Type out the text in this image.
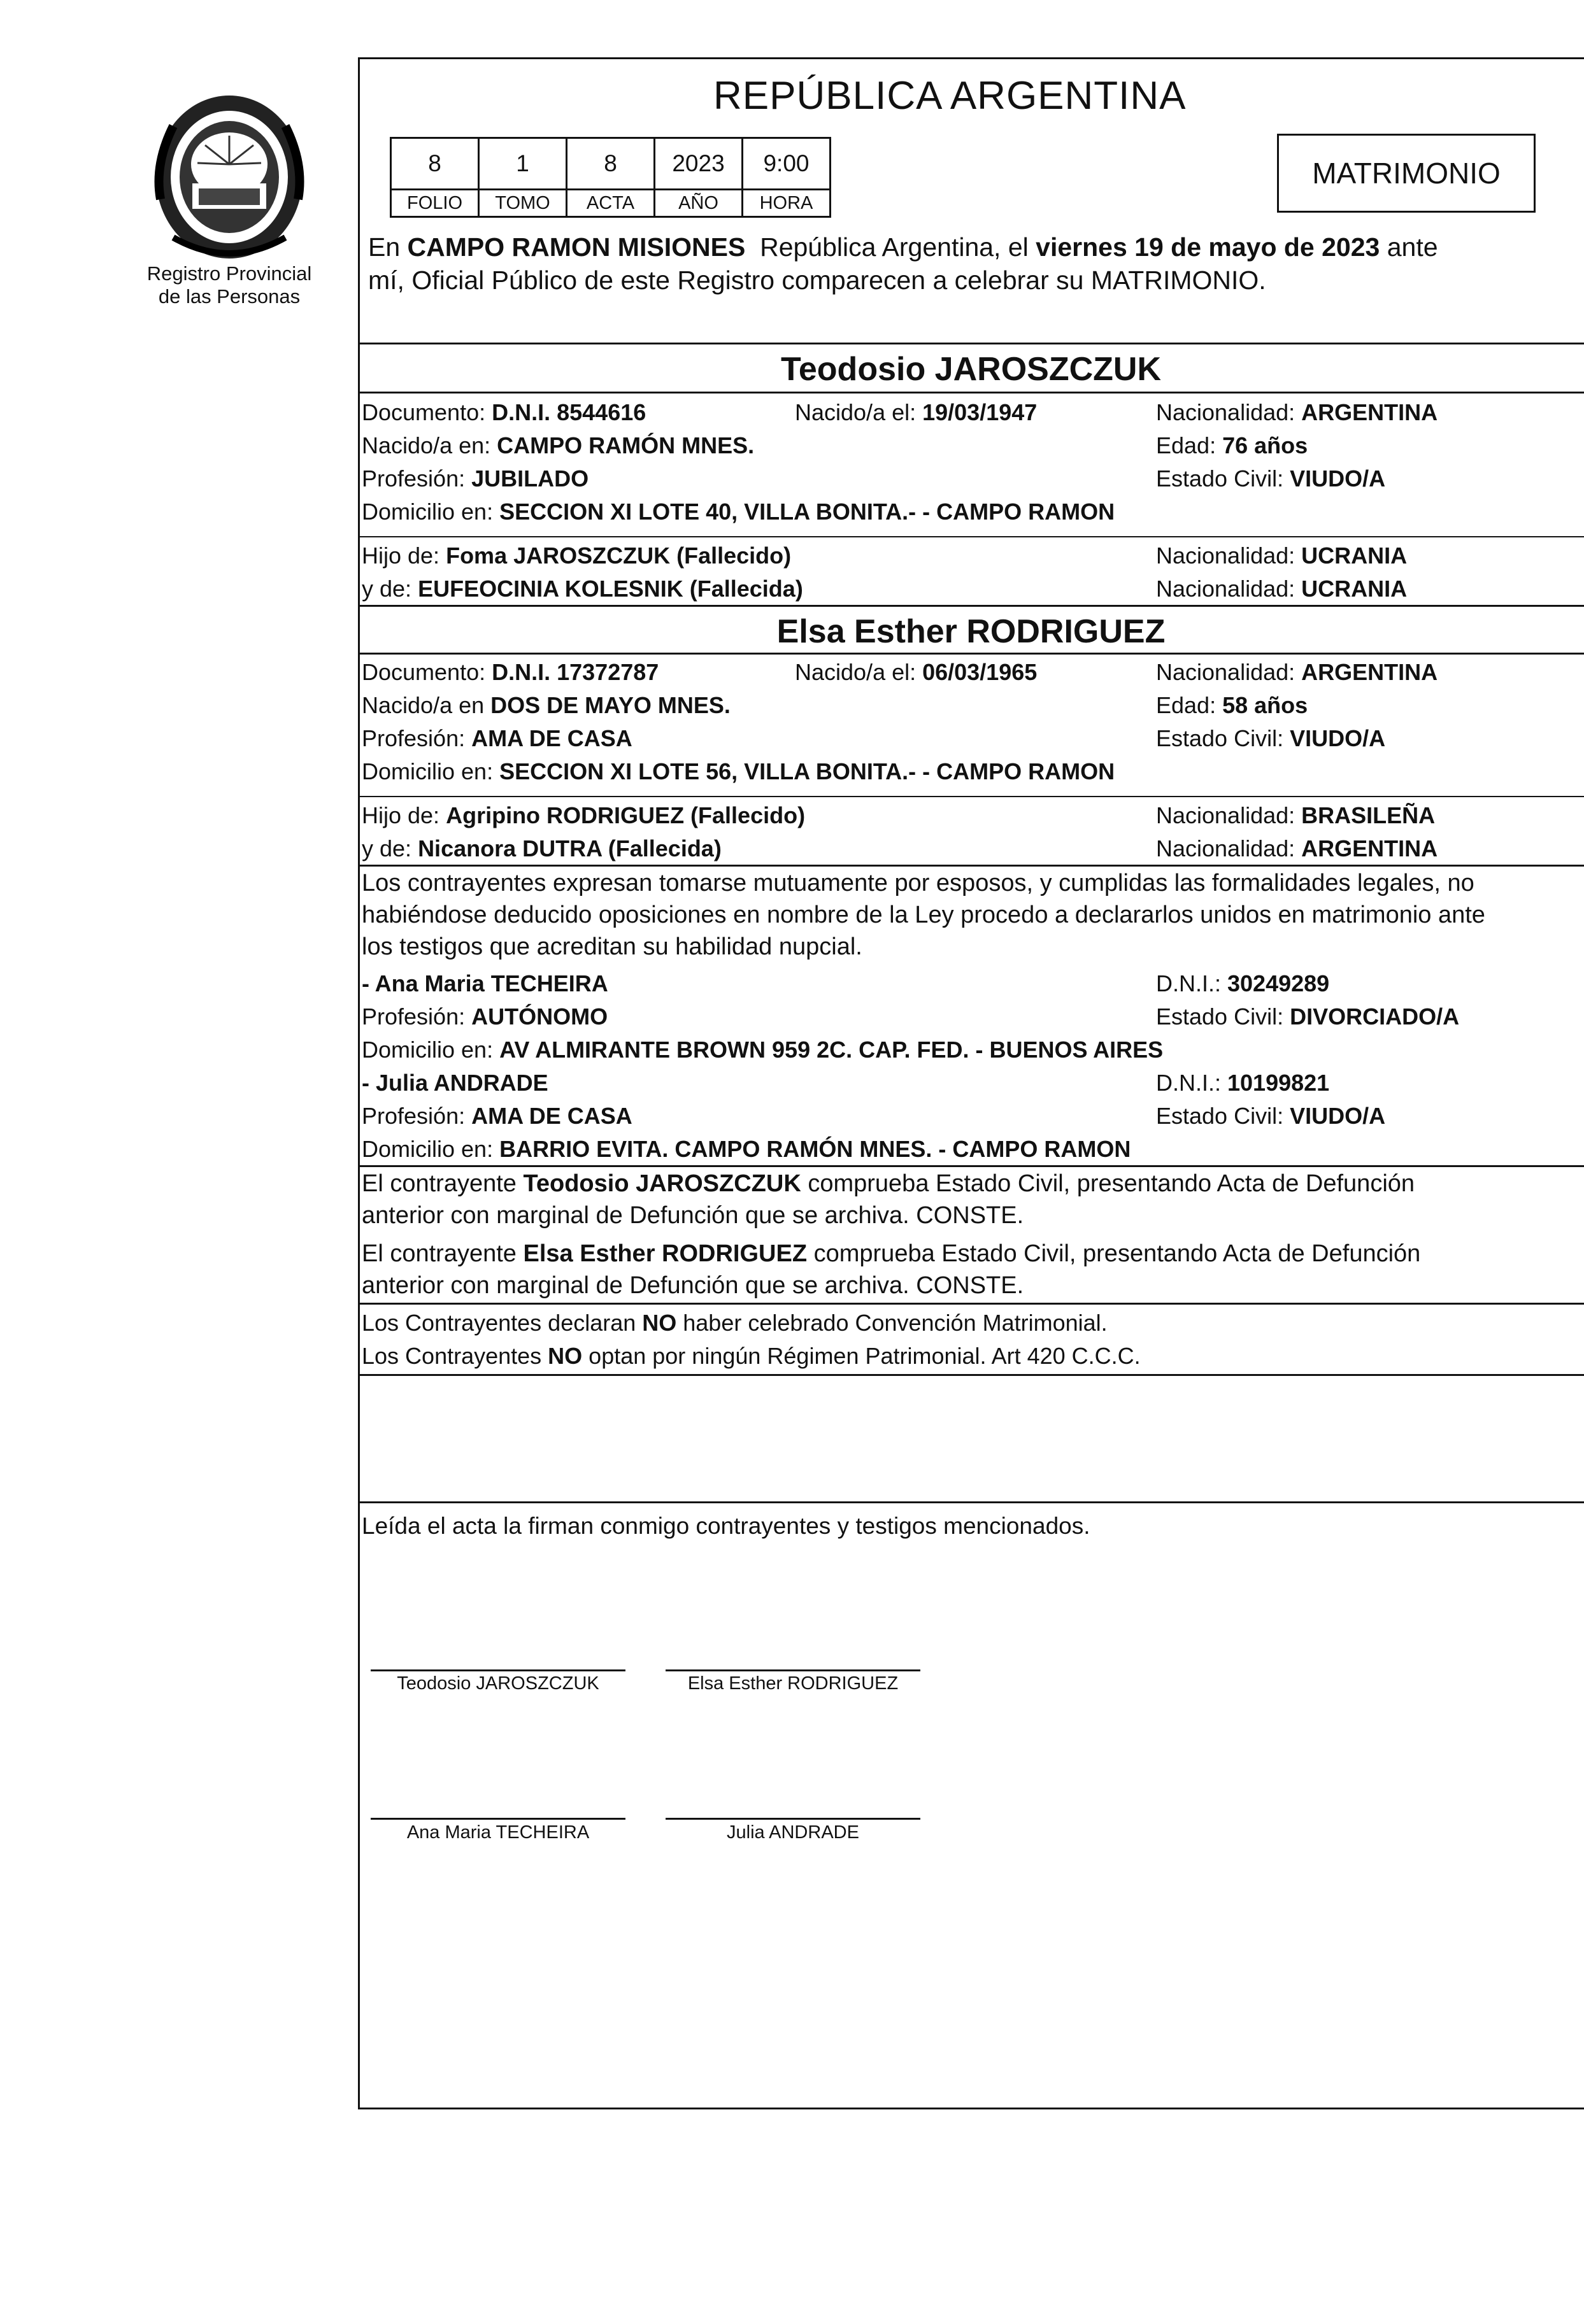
Registro Provincial
de las Personas
REPÚBLICA ARGENTINA
8	1	8	2023	9:00
FOLIO	TOMO	ACTA	AÑO	HORA
MATRIMONIO
En CAMPO RAMON MISIONES  República Argentina, el viernes 19 de mayo de 2023 ante
mí, Oficial Público de este Registro comparecen a celebrar su MATRIMONIO.
Teodosio JAROSZCZUK
Documento: D.N.I. 8544616	Nacido/a el: 19/03/1947	Nacionalidad: ARGENTINA
Nacido/a en: CAMPO RAMÓN MNES.	Edad: 76 años
Profesión: JUBILADO	Estado Civil: VIUDO/A
Domicilio en: SECCION XI LOTE 40, VILLA BONITA.- - CAMPO RAMON
Hijo de: Foma JAROSZCZUK (Fallecido)	Nacionalidad: UCRANIA
y de: EUFEOCINIA KOLESNIK (Fallecida)	Nacionalidad: UCRANIA
Elsa Esther RODRIGUEZ
Documento: D.N.I. 17372787	Nacido/a el: 06/03/1965	Nacionalidad: ARGENTINA
Nacido/a en DOS DE MAYO MNES.	Edad: 58 años
Profesión: AMA DE CASA	Estado Civil: VIUDO/A
Domicilio en: SECCION XI LOTE 56, VILLA BONITA.- - CAMPO RAMON
Hijo de: Agripino RODRIGUEZ (Fallecido)	Nacionalidad: BRASILEÑA
y de: Nicanora DUTRA (Fallecida)	Nacionalidad: ARGENTINA
Los contrayentes expresan tomarse mutuamente por esposos, y cumplidas las formalidades legales, no
habiéndose deducido oposiciones en nombre de la Ley procedo a declararlos unidos en matrimonio ante
los testigos que acreditan su habilidad nupcial.
- Ana Maria TECHEIRA	D.N.I.: 30249289
Profesión: AUTÓNOMO	Estado Civil: DIVORCIADO/A
Domicilio en: AV ALMIRANTE BROWN 959 2C. CAP. FED. - BUENOS AIRES
- Julia ANDRADE	D.N.I.: 10199821
Profesión: AMA DE CASA	Estado Civil: VIUDO/A
Domicilio en: BARRIO EVITA. CAMPO RAMÓN MNES. - CAMPO RAMON
El contrayente Teodosio JAROSZCZUK comprueba Estado Civil, presentando Acta de Defunción
anterior con marginal de Defunción que se archiva. CONSTE.
El contrayente Elsa Esther RODRIGUEZ comprueba Estado Civil, presentando Acta de Defunción
anterior con marginal de Defunción que se archiva. CONSTE.
Los Contrayentes declaran NO haber celebrado Convención Matrimonial.
Los Contrayentes NO optan por ningún Régimen Patrimonial. Art 420 C.C.C.
Leída el acta la firman conmigo contrayentes y testigos mencionados.
Teodosio JAROSZCZUK	Elsa Esther RODRIGUEZ
Ana Maria TECHEIRA	Julia ANDRADE
